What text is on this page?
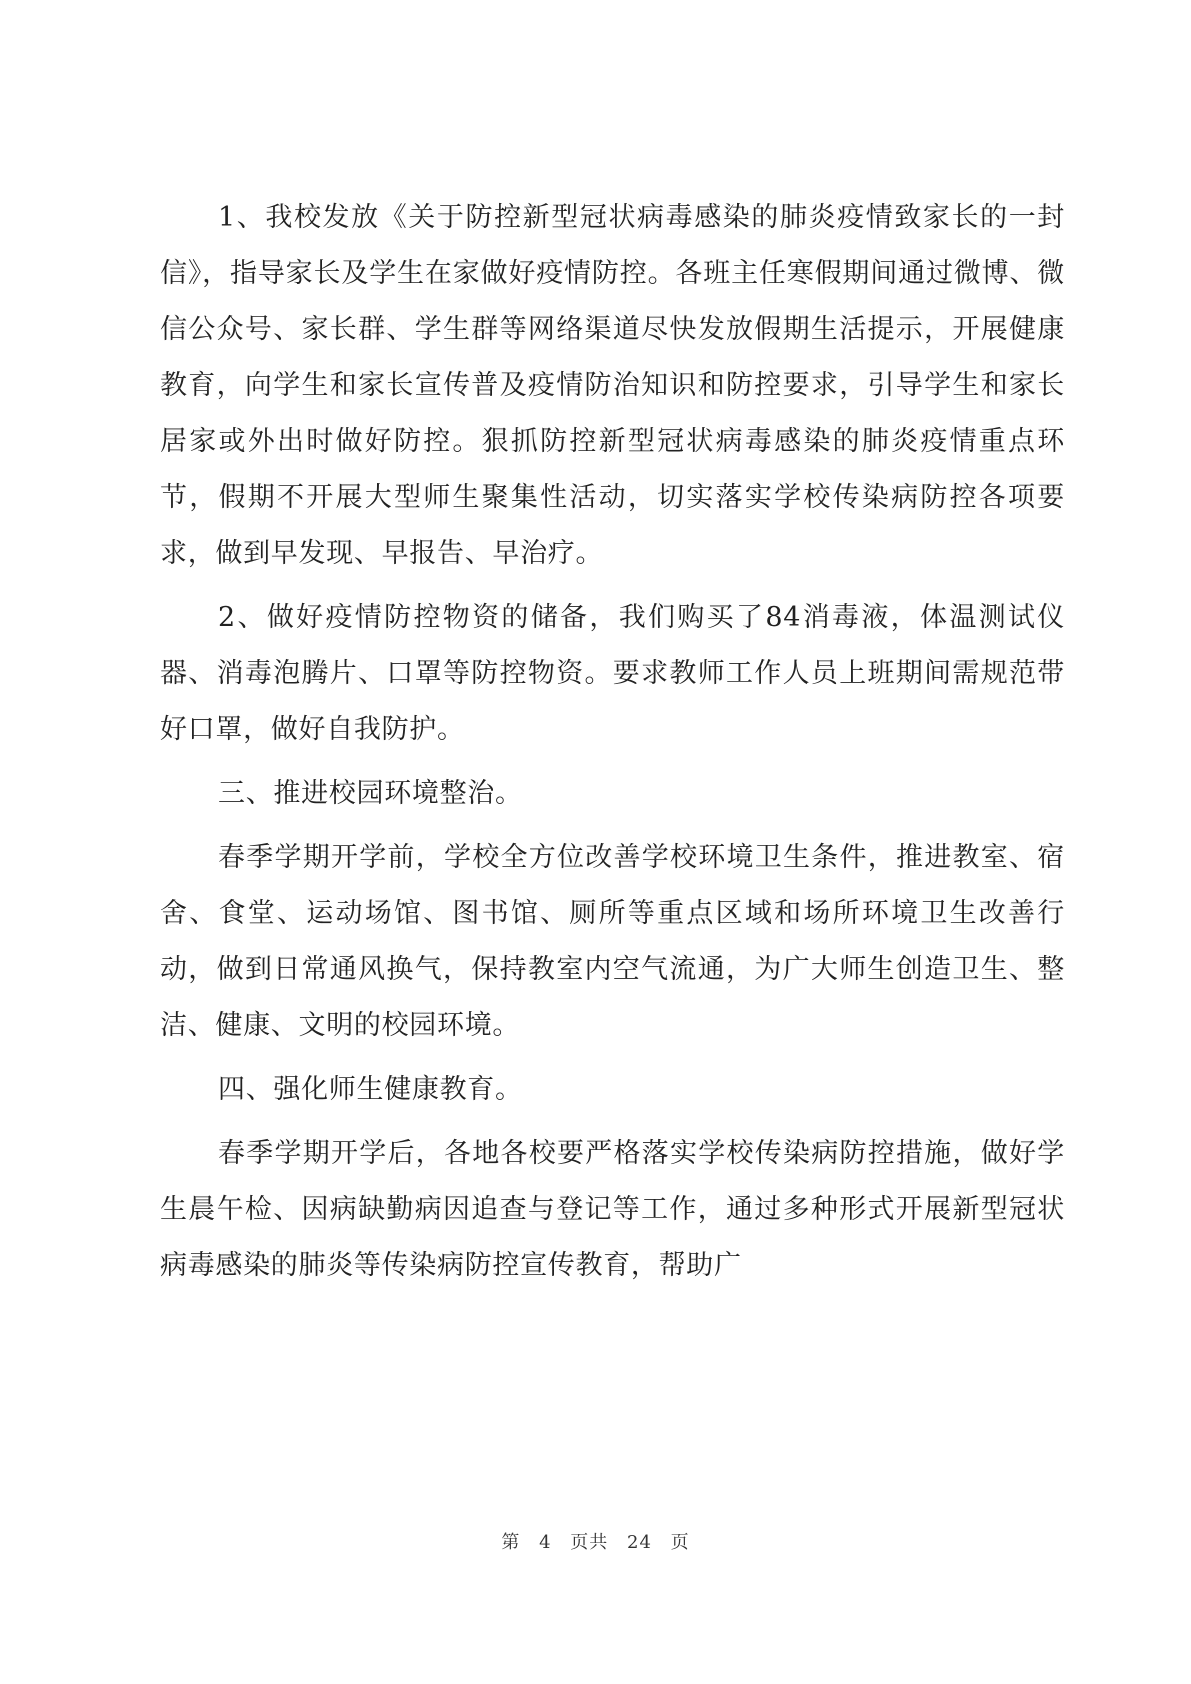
1、我校发放《关于防控新型冠状病毒感染的肺炎疫情致家长的一封信》，指导家长及学生在家做好疫情防控。各班主任寒假期间通过微博、微信公众号、家长群、学生群等网络渠道尽快发放假期生活提示，开展健康教育，向学生和家长宣传普及疫情防治知识和防控要求，引导学生和家长居家或外出时做好防控。狠抓防控新型冠状病毒感染的肺炎疫情重点环节，假期不开展大型师生聚集性活动，切实落实学校传染病防控各项要求，做到早发现、早报告、早治疗。

2、做好疫情防控物资的储备，我们购买了84消毒液，体温测试仪器、消毒泡腾片、口罩等防控物资。要求教师工作人员上班期间需规范带好口罩，做好自我防护。

三、推进校园环境整治。

春季学期开学前，学校全方位改善学校环境卫生条件，推进教室、宿舍、食堂、运动场馆、图书馆、厕所等重点区域和场所环境卫生改善行动，做到日常通风换气，保持教室内空气流通，为广大师生创造卫生、整洁、健康、文明的校园环境。

四、强化师生健康教育。

春季学期开学后，各地各校要严格落实学校传染病防控措施，做好学生晨午检、因病缺勤病因追查与登记等工作，通过多种形式开展新型冠状病毒感染的肺炎等传染病防控宣传教育，帮助广

第 4 页共 24 页
